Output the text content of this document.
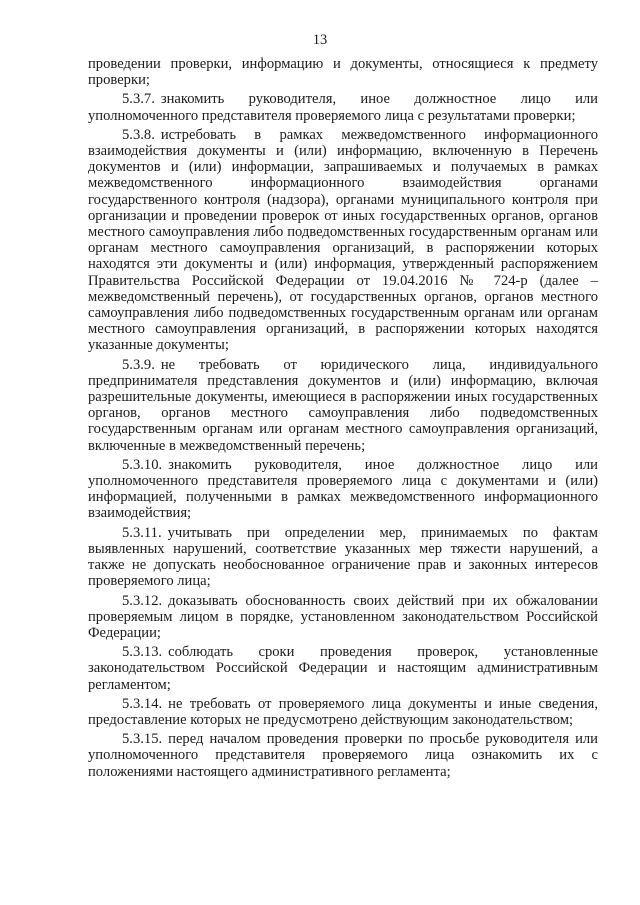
13

проведении проверки, информацию и документы, относящиеся к предмету проверки;

5.3.7. знакомить руководителя, иное должностное лицо или уполномоченного представителя проверяемого лица с результатами проверки;

5.3.8. истребовать в рамках межведомственного информационного взаимодействия документы и (или) информацию, включенную в Перечень документов и (или) информации, запрашиваемых и получаемых в рамках межведомственного информационного взаимодействия органами государственного контроля (надзора), органами муниципального контроля при организации и проведении проверок от иных государственных органов, органов местного самоуправления либо подведомственных государственным органам или органам местного самоуправления организаций, в распоряжении которых находятся эти документы и (или) информация, утвержденный распоряжением Правительства Российской Федерации от 19.04.2016 № 724-р (далее –межведомственный перечень), от государственных органов, органов местного самоуправления либо подведомственных государственным органам или органам местного самоуправления организаций, в распоряжении которых находятся указанные документы;

5.3.9. не требовать от юридического лица, индивидуального предпринимателя представления документов и (или) информацию, включая разрешительные документы, имеющиеся в распоряжении иных государственных органов, органов местного самоуправления либо подведомственных государственным органам или органам местного самоуправления организаций, включенные в межведомственный перечень;

5.3.10. знакомить руководителя, иное должностное лицо или уполномоченного представителя проверяемого лица с документами и (или) информацией, полученными в рамках межведомственного информационного взаимодействия;

5.3.11. учитывать при определении мер, принимаемых по фактам выявленных нарушений, соответствие указанных мер тяжести нарушений, а также не допускать необоснованное ограничение прав и законных интересов проверяемого лица;

5.3.12. доказывать обоснованность своих действий при их обжаловании проверяемым лицом в порядке, установленном законодательством Российской Федерации;

5.3.13. соблюдать сроки проведения проверок, установленные законодательством Российской Федерации и настоящим административным регламентом;

5.3.14. не требовать от проверяемого лица документы и иные сведения, предоставление которых не предусмотрено действующим законодательством;

5.3.15. перед началом проведения проверки по просьбе руководителя или уполномоченного представителя проверяемого лица ознакомить их с положениями настоящего административного регламента;
